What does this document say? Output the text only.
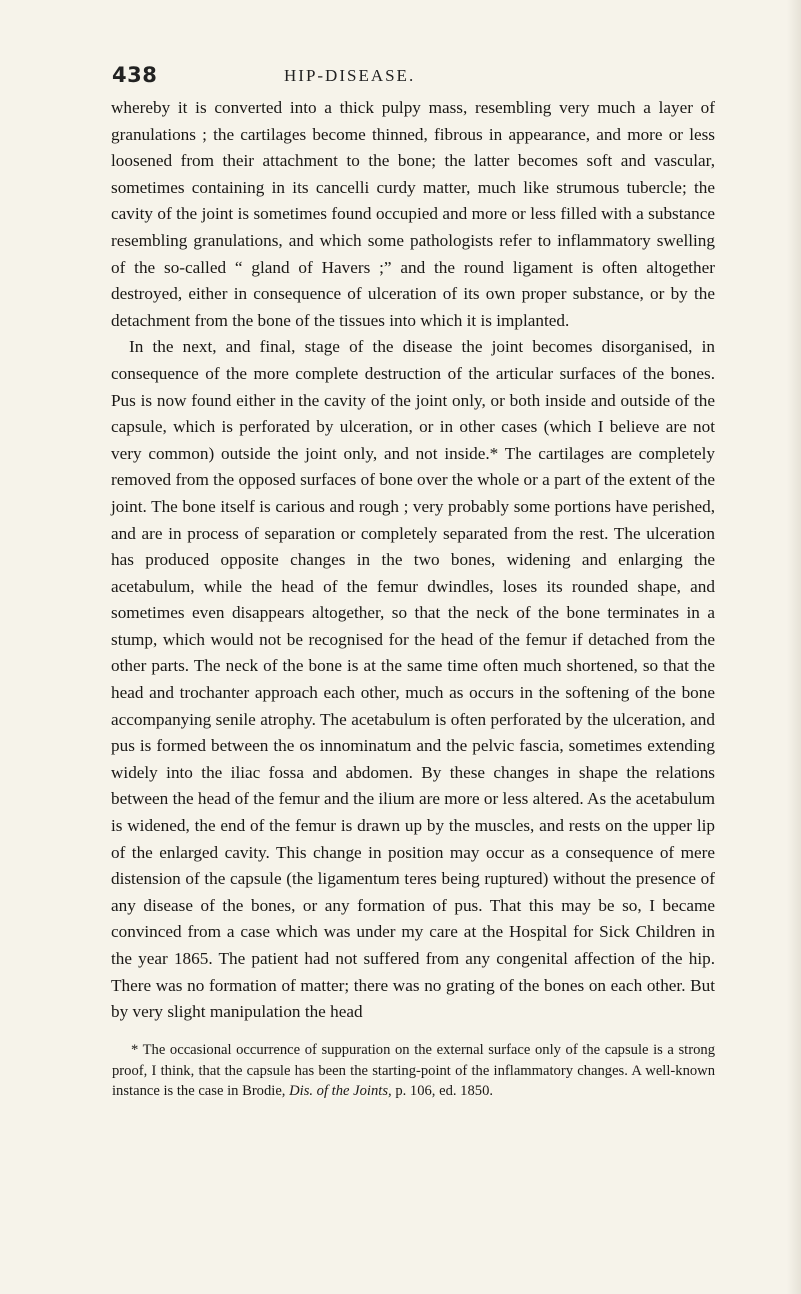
438	HIP-DISEASE.

whereby it is converted into a thick pulpy mass, resembling very much a layer of granulations ; the cartilages become thinned, fibrous in appearance, and more or less loosened from their attachment to the bone; the latter becomes soft and vascular, sometimes containing in its cancelli curdy matter, much like strumous tubercle; the cavity of the joint is sometimes found occupied and more or less filled with a substance resembling granulations, and which some pathologists refer to inflammatory swelling of the so-called “ gland of Havers ;” and the round ligament is often altogether destroyed, either in consequence of ulceration of its own proper substance, or by the detachment from the bone of the tissues into which it is implanted.

In the next, and final, stage of the disease the joint becomes disorganised, in consequence of the more complete destruction of the articular surfaces of the bones. Pus is now found either in the cavity of the joint only, or both inside and outside of the capsule, which is perforated by ulceration, or in other cases (which I believe are not very common) outside the joint only, and not inside.* The cartilages are completely removed from the opposed surfaces of bone over the whole or a part of the extent of the joint. The bone itself is carious and rough ; very probably some portions have perished, and are in process of separation or completely separated from the rest. The ulceration has produced opposite changes in the two bones, widening and enlarging the acetabulum, while the head of the femur dwindles, loses its rounded shape, and sometimes even disappears altogether, so that the neck of the bone terminates in a stump, which would not be recognised for the head of the femur if detached from the other parts. The neck of the bone is at the same time often much shortened, so that the head and trochanter approach each other, much as occurs in the softening of the bone accompanying senile atrophy. The acetabulum is often perforated by the ulceration, and pus is formed between the os innominatum and the pelvic fascia, sometimes extending widely into the iliac fossa and abdomen. By these changes in shape the relations between the head of the femur and the ilium are more or less altered. As the acetabulum is widened, the end of the femur is drawn up by the muscles, and rests on the upper lip of the enlarged cavity. This change in position may occur as a consequence of mere distension of the capsule (the ligamentum teres being ruptured) without the presence of any disease of the bones, or any formation of pus. That this may be so, I became convinced from a case which was under my care at the Hospital for Sick Children in the year 1865. The patient had not suffered from any congenital affection of the hip. There was no formation of matter; there was no grating of the bones on each other. But by very slight manipulation the head

* The occasional occurrence of suppuration on the external surface only of the capsule is a strong proof, I think, that the capsule has been the starting-point of the inflammatory changes. A well-known instance is the case in Brodie, Dis. of the Joints, p. 106, ed. 1850.
